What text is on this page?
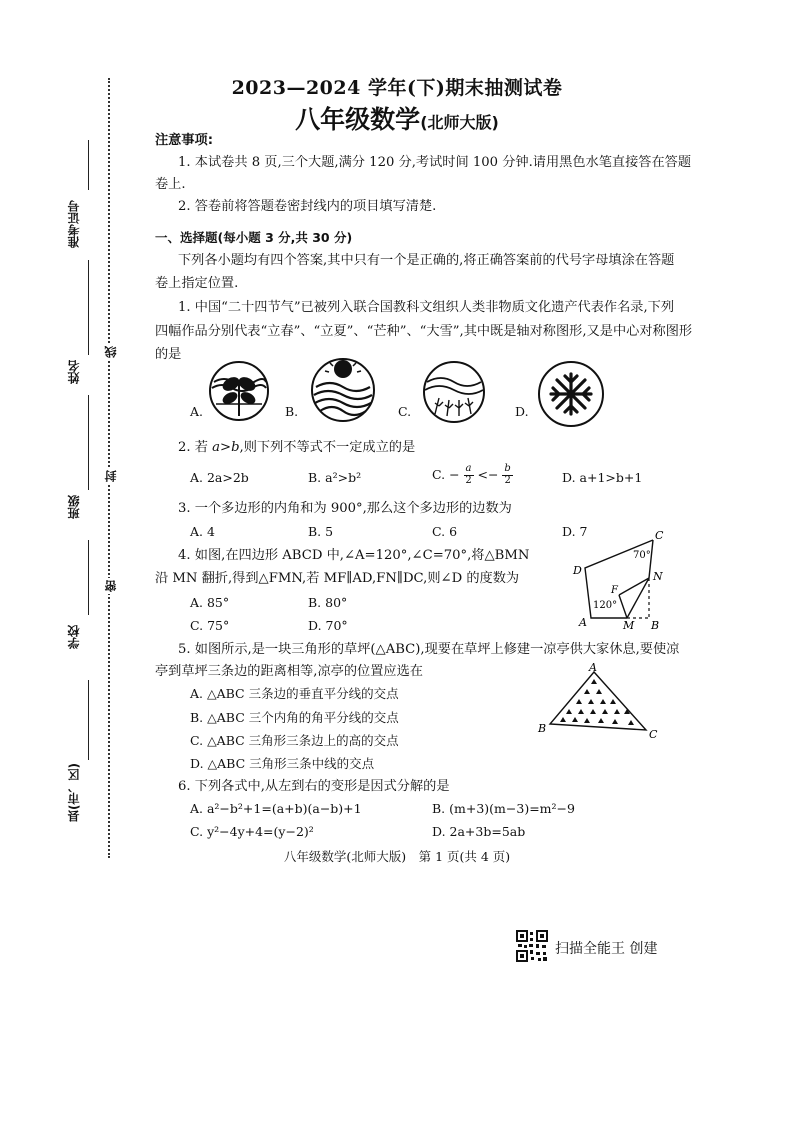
准考证号
姓名
班级
学校
县(市、区)
线
封
密
2023—2024 学年(下)期末抽测试卷
八年级数学(北师大版)
注意事项:
1. 本试卷共 8 页,三个大题,满分 120 分,考试时间 100 分钟.请用黑色水笔直接答在答题
卷上.
2. 答卷前将答题卷密封线内的项目填写清楚.
一、选择题(每小题 3 分,共 30 分)
下列各小题均有四个答案,其中只有一个是正确的,将正确答案前的代号字母填涂在答题
卷上指定位置.
1. 中国“二十四节气”已被列入联合国教科文组织人类非物质文化遗产代表作名录,下列
四幅作品分别代表“立春”、“立夏”、“芒种”、“大雪”,其中既是轴对称图形,又是中心对称图形
的是
A.	B.	C.	D.
2. 若 a>b,则下列不等式不一定成立的是
A. 2a>2b	B. a²>b²	C. − $\frac{a}{2} <- \frac{b}{2}$	D. a+1>b+1
3. 一个多边形的内角和为 900°,那么这个多边形的边数为
A. 4	B. 5	C. 6	D. 7
4. 如图,在四边形 ABCD 中,∠A=120°,∠C=70°,将△BMN
沿 MN 翻折,得到△FMN,若 MF∥AD,FN∥DC,则∠D 的度数为
A. 85°	B. 80°
C. 75°	D. 70°
C
70°
D	N
F
120°
A	M B
5. 如图所示,是一块三角形的草坪(△ABC),现要在草坪上修建一凉亭供大家休息,要使凉
亭到草坪三条边的距离相等,凉亭的位置应选在
A. △ABC 三条边的垂直平分线的交点
B. △ABC 三个内角的角平分线的交点
C. △ABC 三角形三条边上的高的交点
D. △ABC 三角形三条中线的交点
A
B	C
6. 下列各式中,从左到右的变形是因式分解的是
A. a²−b²+1=(a+b)(a−b)+1	B. (m+3)(m−3)=m²−9
C. y²−4y+4=(y−2)²	D. 2a+3b=5ab
八年级数学(北师大版)　第 1 页(共 4 页)
扫描全能王 创建
